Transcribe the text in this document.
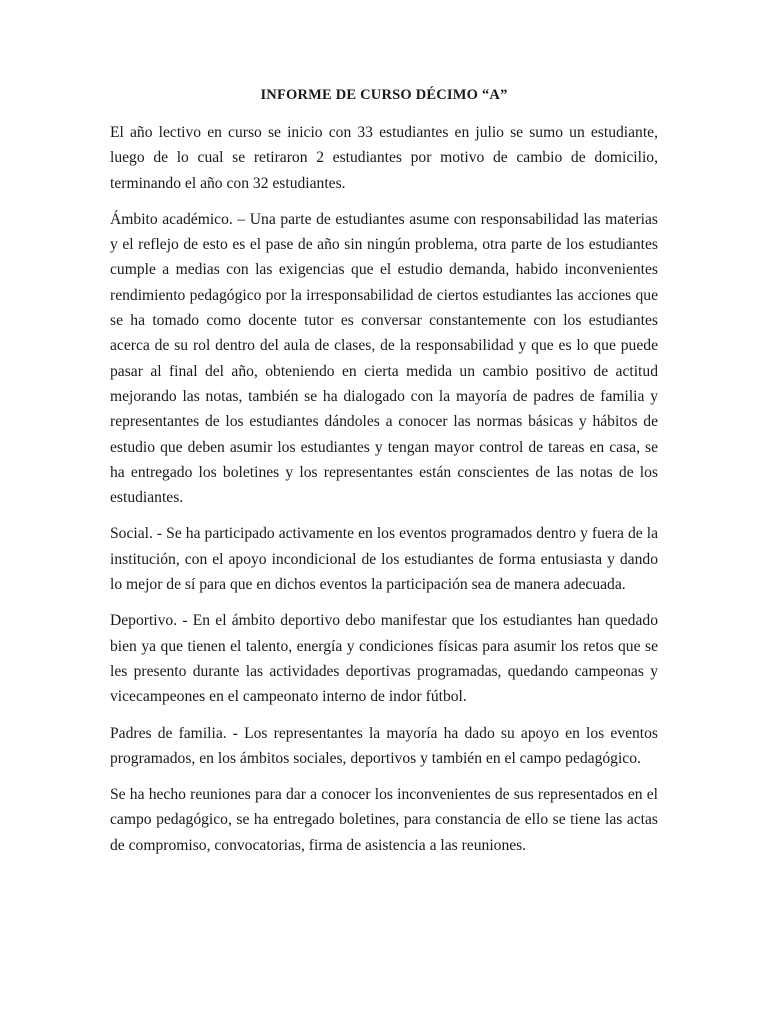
INFORME DE CURSO DÉCIMO “A”

El año lectivo en curso se inicio con 33 estudiantes en julio se sumo un estudiante, luego de lo cual se retiraron 2 estudiantes por motivo de cambio de domicilio, terminando el año con 32 estudiantes.

Ámbito académico. – Una parte de estudiantes asume con responsabilidad las materias y el reflejo de esto es el pase de año sin ningún problema, otra parte de los estudiantes cumple a medias con las exigencias que el estudio demanda, habido inconvenientes rendimiento pedagógico por la irresponsabilidad de ciertos estudiantes las acciones que se ha tomado como docente tutor es conversar constantemente con los estudiantes acerca de su rol dentro del aula de clases, de la responsabilidad y que es lo que puede pasar al final del año, obteniendo en cierta medida un cambio positivo de actitud mejorando las notas, también se ha dialogado con la mayoría de padres de familia y representantes de los estudiantes dándoles a conocer las normas básicas y hábitos de estudio que deben asumir los estudiantes y tengan mayor control de tareas en casa, se ha entregado los boletines y los representantes están conscientes de las notas de los estudiantes.

Social. - Se ha participado activamente en los eventos programados dentro y fuera de la institución, con el apoyo incondicional de los estudiantes de forma entusiasta y dando lo mejor de sí para que en dichos eventos la participación sea de manera adecuada.

Deportivo. - En el ámbito deportivo debo manifestar que los estudiantes han quedado bien ya que tienen el talento, energía y condiciones físicas para asumir los retos que se les presento durante las actividades deportivas programadas, quedando campeonas y vicecampeones en el campeonato interno de indor fútbol.

Padres de familia. - Los representantes la mayoría ha dado su apoyo en los eventos programados, en los ámbitos sociales, deportivos y también en el campo pedagógico.

Se ha hecho reuniones para dar a conocer los inconvenientes de sus representados en el campo pedagógico, se ha entregado boletines, para constancia de ello se tiene las actas de compromiso, convocatorias, firma de asistencia a las reuniones.
